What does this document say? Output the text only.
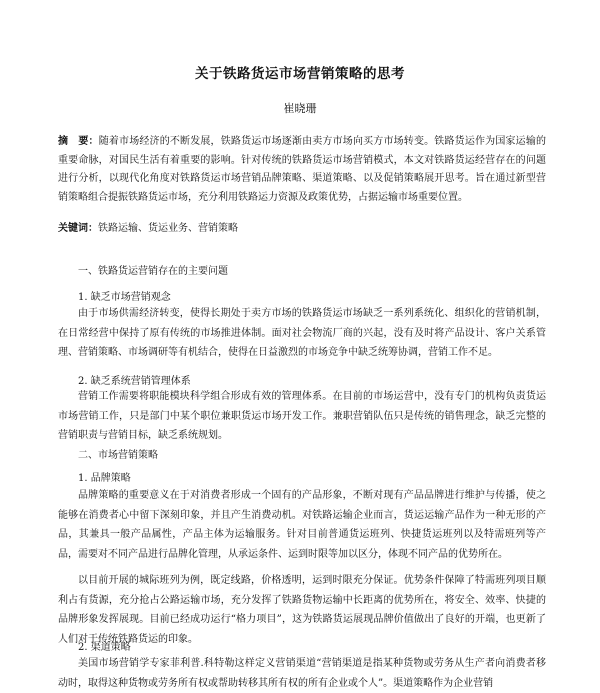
关于铁路货运市场营销策略的思考
崔晓珊
摘　要：随着市场经济的不断发展，铁路货运市场逐渐由卖方市场向买方市场转变。铁路货运作为国家运输的重要命脉，对国民生活有着重要的影响。针对传统的铁路货运市场营销模式，本文对铁路货运经营存在的问题进行分析，以现代化角度对铁路货运市场营销品牌策略、渠道策略、以及促销策略展开思考。旨在通过新型营销策略组合提振铁路货运市场，充分利用铁路运力资源及政策优势，占据运输市场重要位置。
关键词：铁路运输、货运业务、营销策略
一、铁路货运营销存在的主要问题
1. 缺乏市场营销观念

由于市场供需经济转变，使得长期处于卖方市场的铁路货运市场缺乏一系列系统化、组织化的营销机制，在日常经营中保持了原有传统的市场推进体制。面对社会物流厂商的兴起，没有及时将产品设计、客户关系管理、营销策略、市场调研等有机结合，使得在日益激烈的市场竞争中缺乏统筹协调，营销工作不足。

2. 缺乏系统营销管理体系

营销工作需要将职能模块科学组合形成有效的管理体系。在目前的市场运营中，没有专门的机构负责货运市场营销工作，只是部门中某个职位兼职货运市场开发工作。兼职营销队伍只是传统的销售理念，缺乏完整的营销职责与营销目标，缺乏系统规划。

二、市场营销策略
1. 品牌策略

品牌策略的重要意义在于对消费者形成一个固有的产品形象，不断对现有产品品牌进行维护与传播，使之能够在消费者心中留下深刻印象，并且产生消费动机。对铁路运输企业而言，货运运输产品作为一种无形的产品，其兼具一般产品属性，产品主体为运输服务。针对目前普通货运班列、快捷货运班列以及特需班列等产品，需要对不同产品进行品牌化管理，从承运条件、运到时限等加以区分，体现不同产品的优势所在。

以目前开展的城际班列为例，既定线路，价格透明，运到时限充分保证。优势条件保障了特需班列项目顺利占有货源，充分抢占公路运输市场，充分发挥了铁路货物运输中长距离的优势所在，将安全、效率、快捷的品牌形象发挥展现。目前已经成功运行“格力项目”，这为铁路货运展现品牌价值做出了良好的开端，也更新了人们对于传统铁路货运的印象。

2. 渠道策略

美国市场营销学专家菲利普.科特勒这样定义营销渠道“营销渠道是指某种货物或劳务从生产者向消费者移动时，取得这种货物或劳务所有权或帮助转移其所有权的所有企业或个人”。渠道策略作为企业营销
